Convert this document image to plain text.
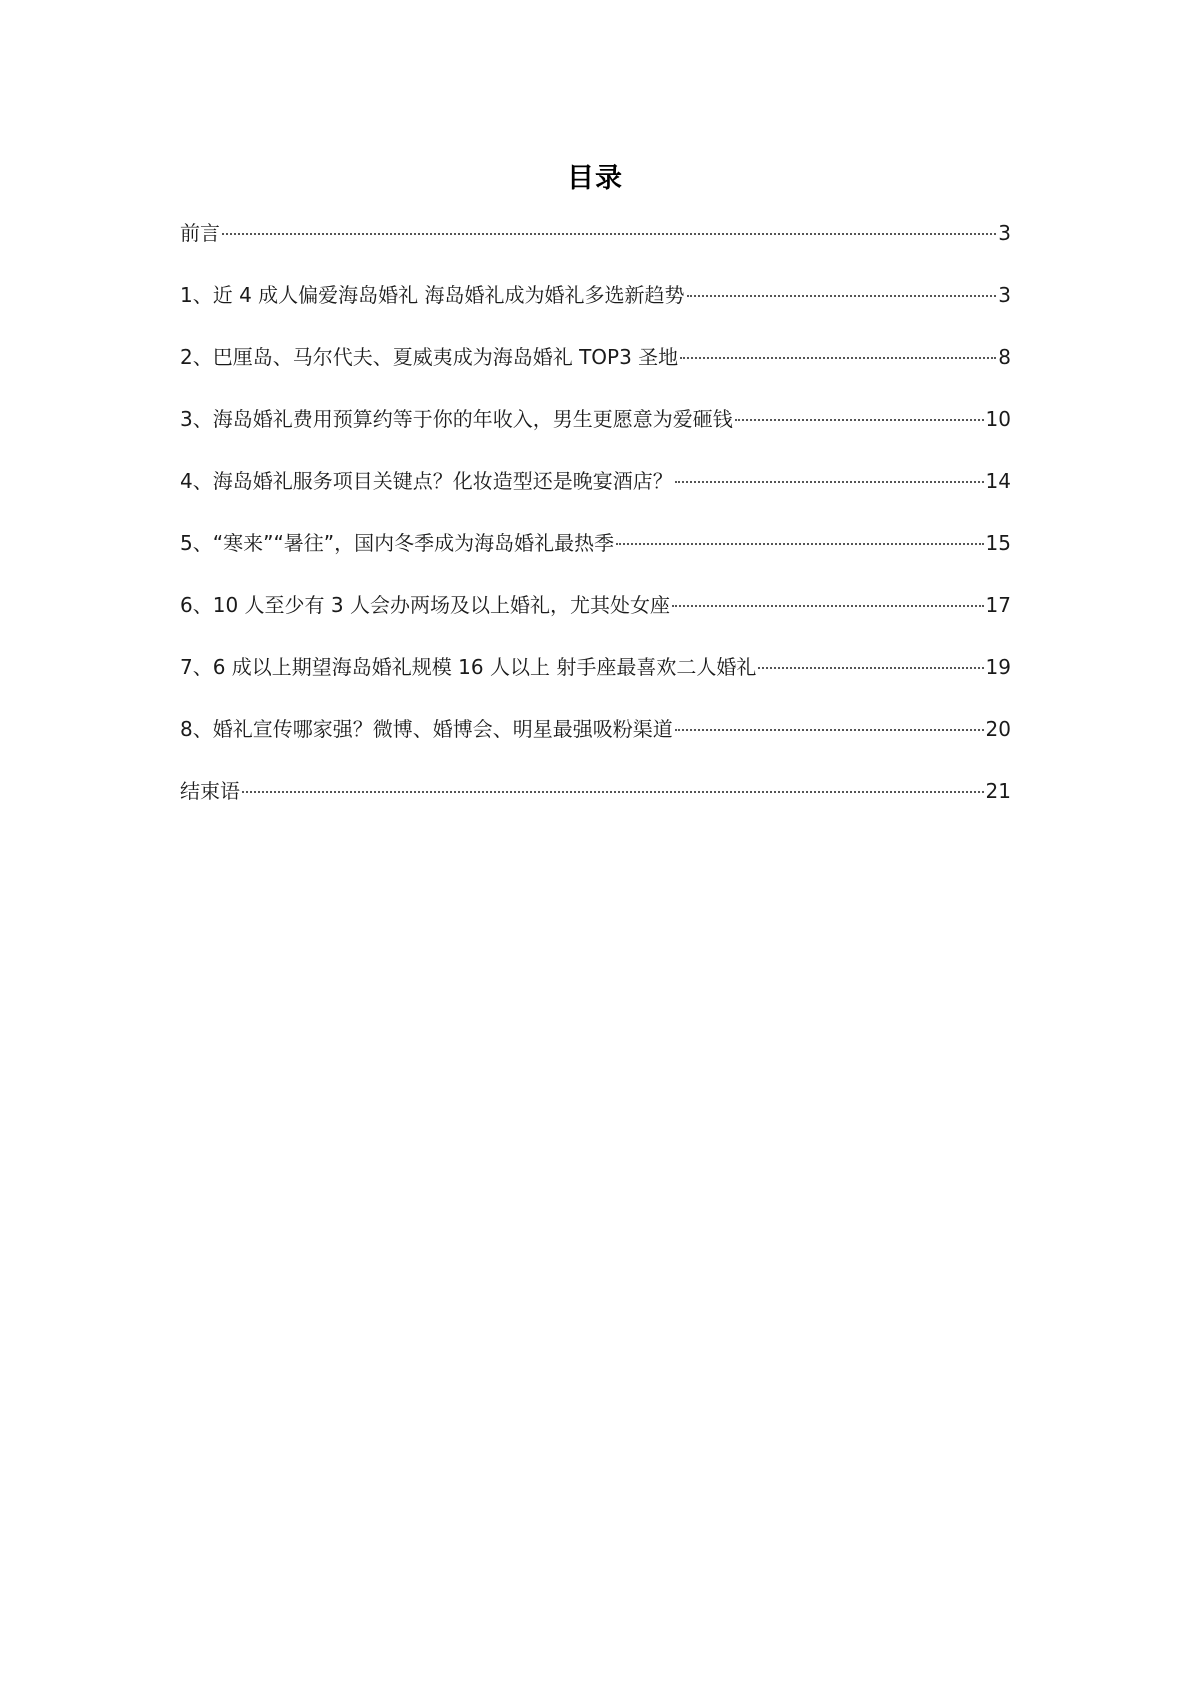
目录
前言	3
1、近 4 成人偏爱海岛婚礼 海岛婚礼成为婚礼多选新趋势	3
2、巴厘岛、马尔代夫、夏威夷成为海岛婚礼 TOP3 圣地	8
3、海岛婚礼费用预算约等于你的年收入，男生更愿意为爱砸钱	10
4、海岛婚礼服务项目关键点？化妆造型还是晚宴酒店？	14
5、“寒来”“暑往”，国内冬季成为海岛婚礼最热季	15
6、10 人至少有 3 人会办两场及以上婚礼，尤其处女座	17
7、6 成以上期望海岛婚礼规模 16 人以上 射手座最喜欢二人婚礼	19
8、婚礼宣传哪家强？微博、婚博会、明星最强吸粉渠道	20
结束语	21
